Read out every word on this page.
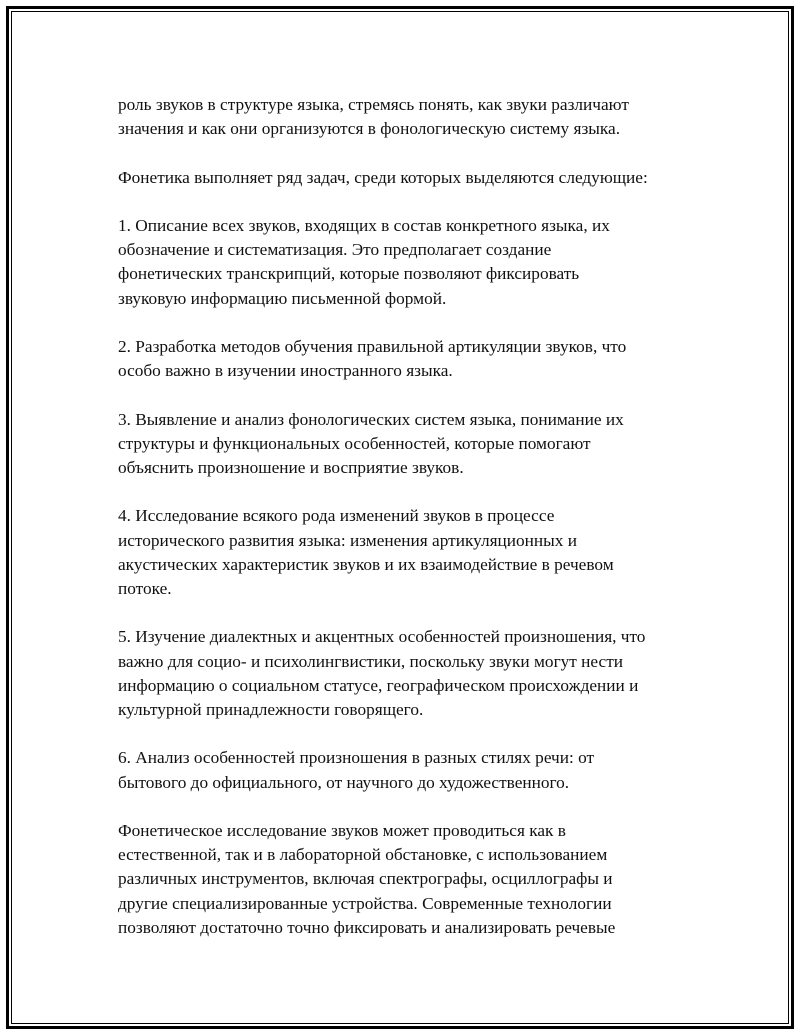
роль звуков в структуре языка, стремясь понять, как звуки различают
значения и как они организуются в фонологическую систему языка.

Фонетика выполняет ряд задач, среди которых выделяются следующие:

1. Описание всех звуков, входящих в состав конкретного языка, их
обозначение и систематизация. Это предполагает создание
фонетических транскрипций, которые позволяют фиксировать
звуковую информацию письменной формой.

2. Разработка методов обучения правильной артикуляции звуков, что
особо важно в изучении иностранного языка.

3. Выявление и анализ фонологических систем языка, понимание их
структуры и функциональных особенностей, которые помогают
объяснить произношение и восприятие звуков.

4. Исследование всякого рода изменений звуков в процессе
исторического развития языка: изменения артикуляционных и
акустических характеристик звуков и их взаимодействие в речевом
потоке.

5. Изучение диалектных и акцентных особенностей произношения, что
важно для социо- и психолингвистики, поскольку звуки могут нести
информацию о социальном статусе, географическом происхождении и
культурной принадлежности говорящего.

6. Анализ особенностей произношения в разных стилях речи: от
бытового до официального, от научного до художественного.

Фонетическое исследование звуков может проводиться как в
естественной, так и в лабораторной обстановке, с использованием
различных инструментов, включая спектрографы, осциллографы и
другие специализированные устройства. Современные технологии
позволяют достаточно точно фиксировать и анализировать речевые
